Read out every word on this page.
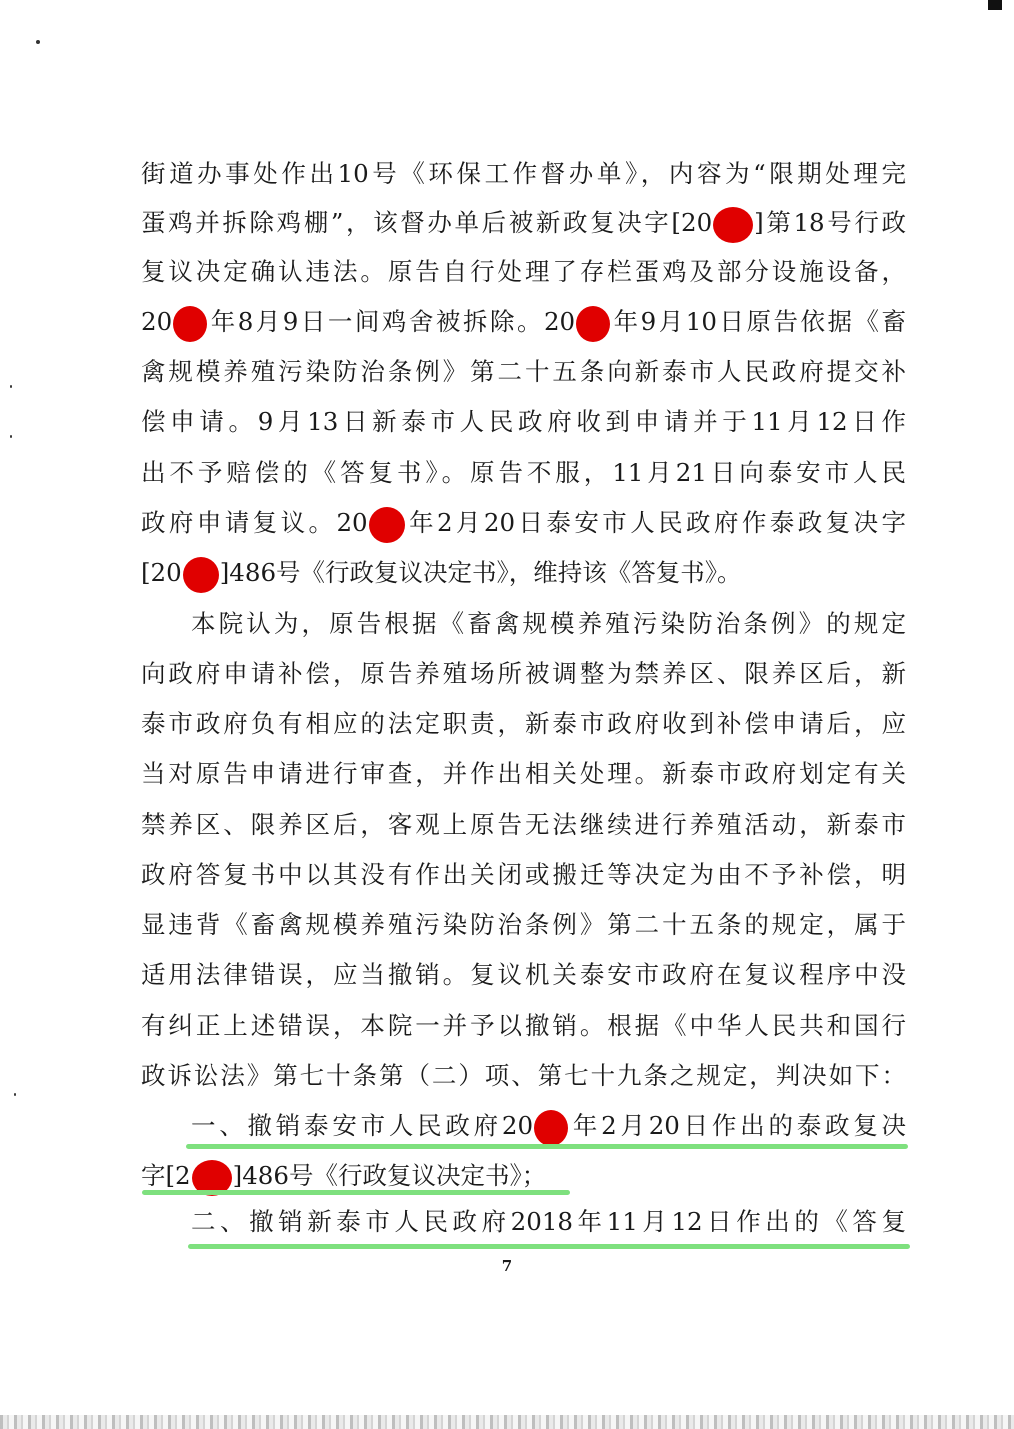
街道办事处作出10号《环保工作督办单》，内容为“限期处理完
蛋鸡并拆除鸡棚”，该督办单后被新政复决字[20 ]第18号行政
复议决定确认违法。原告自行处理了存栏蛋鸡及部分设施设备，
20 年8月9日一间鸡舍被拆除。20 年9月10日原告依据《畜
禽规模养殖污染防治条例》第二十五条向新泰市人民政府提交补
偿申请。9月13日新泰市人民政府收到申请并于11月12日作
出不予赔偿的《答复书》。原告不服，11月21日向泰安市人民
政府申请复议。20 年2月20日泰安市人民政府作泰政复决字
[20 ]486号《行政复议决定书》，维持该《答复书》。
本院认为，原告根据《畜禽规模养殖污染防治条例》的规定
向政府申请补偿，原告养殖场所被调整为禁养区、限养区后，新
泰市政府负有相应的法定职责，新泰市政府收到补偿申请后，应
当对原告申请进行审查，并作出相关处理。新泰市政府划定有关
禁养区、限养区后，客观上原告无法继续进行养殖活动，新泰市
政府答复书中以其没有作出关闭或搬迁等决定为由不予补偿，明
显违背《畜禽规模养殖污染防治条例》第二十五条的规定，属于
适用法律错误，应当撤销。复议机关泰安市政府在复议程序中没
有纠正上述错误，本院一并予以撤销。根据《中华人民共和国行
政诉讼法》第七十条第（二）项、第七十九条之规定，判决如下：
一、撤销泰安市人民政府20 年2月20日作出的泰政复决
字[2 ]486号《行政复议决定书》；
二、撤销新泰市人民政府2018年11月12日作出的《答复
7
